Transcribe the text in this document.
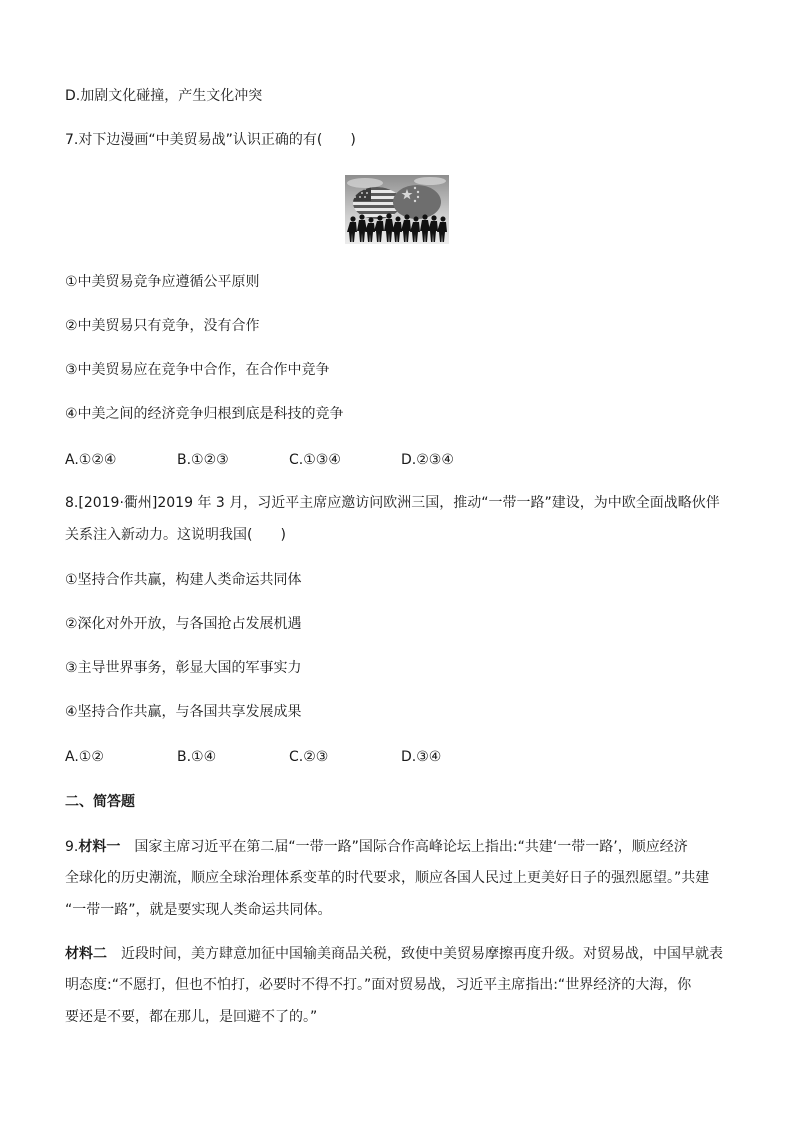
D.加剧文化碰撞，产生文化冲突
7.对下边漫画“中美贸易战”认识正确的有(　　)
①中美贸易竞争应遵循公平原则
②中美贸易只有竞争，没有合作
③中美贸易应在竞争中合作，在合作中竞争
④中美之间的经济竞争归根到底是科技的竞争
A.①②④	B.①②③	C.①③④	D.②③④
8.[2019·衢州]2019 年 3 月，习近平主席应邀访问欧洲三国，推动“一带一路”建设，为中欧全面战略伙伴
关系注入新动力。这说明我国(　　)
①坚持合作共赢，构建人类命运共同体
②深化对外开放，与各国抢占发展机遇
③主导世界事务，彰显大国的军事实力
④坚持合作共赢，与各国共享发展成果
A.①②	B.①④	C.②③	D.③④
二、简答题
9.材料一　国家主席习近平在第二届“一带一路”国际合作高峰论坛上指出:“共建‘一带一路’，顺应经济
全球化的历史潮流，顺应全球治理体系变革的时代要求，顺应各国人民过上更美好日子的强烈愿望。”共建
“一带一路”，就是要实现人类命运共同体。
材料二　近段时间，美方肆意加征中国输美商品关税，致使中美贸易摩擦再度升级。对贸易战，中国早就表
明态度:“不愿打，但也不怕打，必要时不得不打。”面对贸易战，习近平主席指出:“世界经济的大海，你
要还是不要，都在那儿，是回避不了的。”
